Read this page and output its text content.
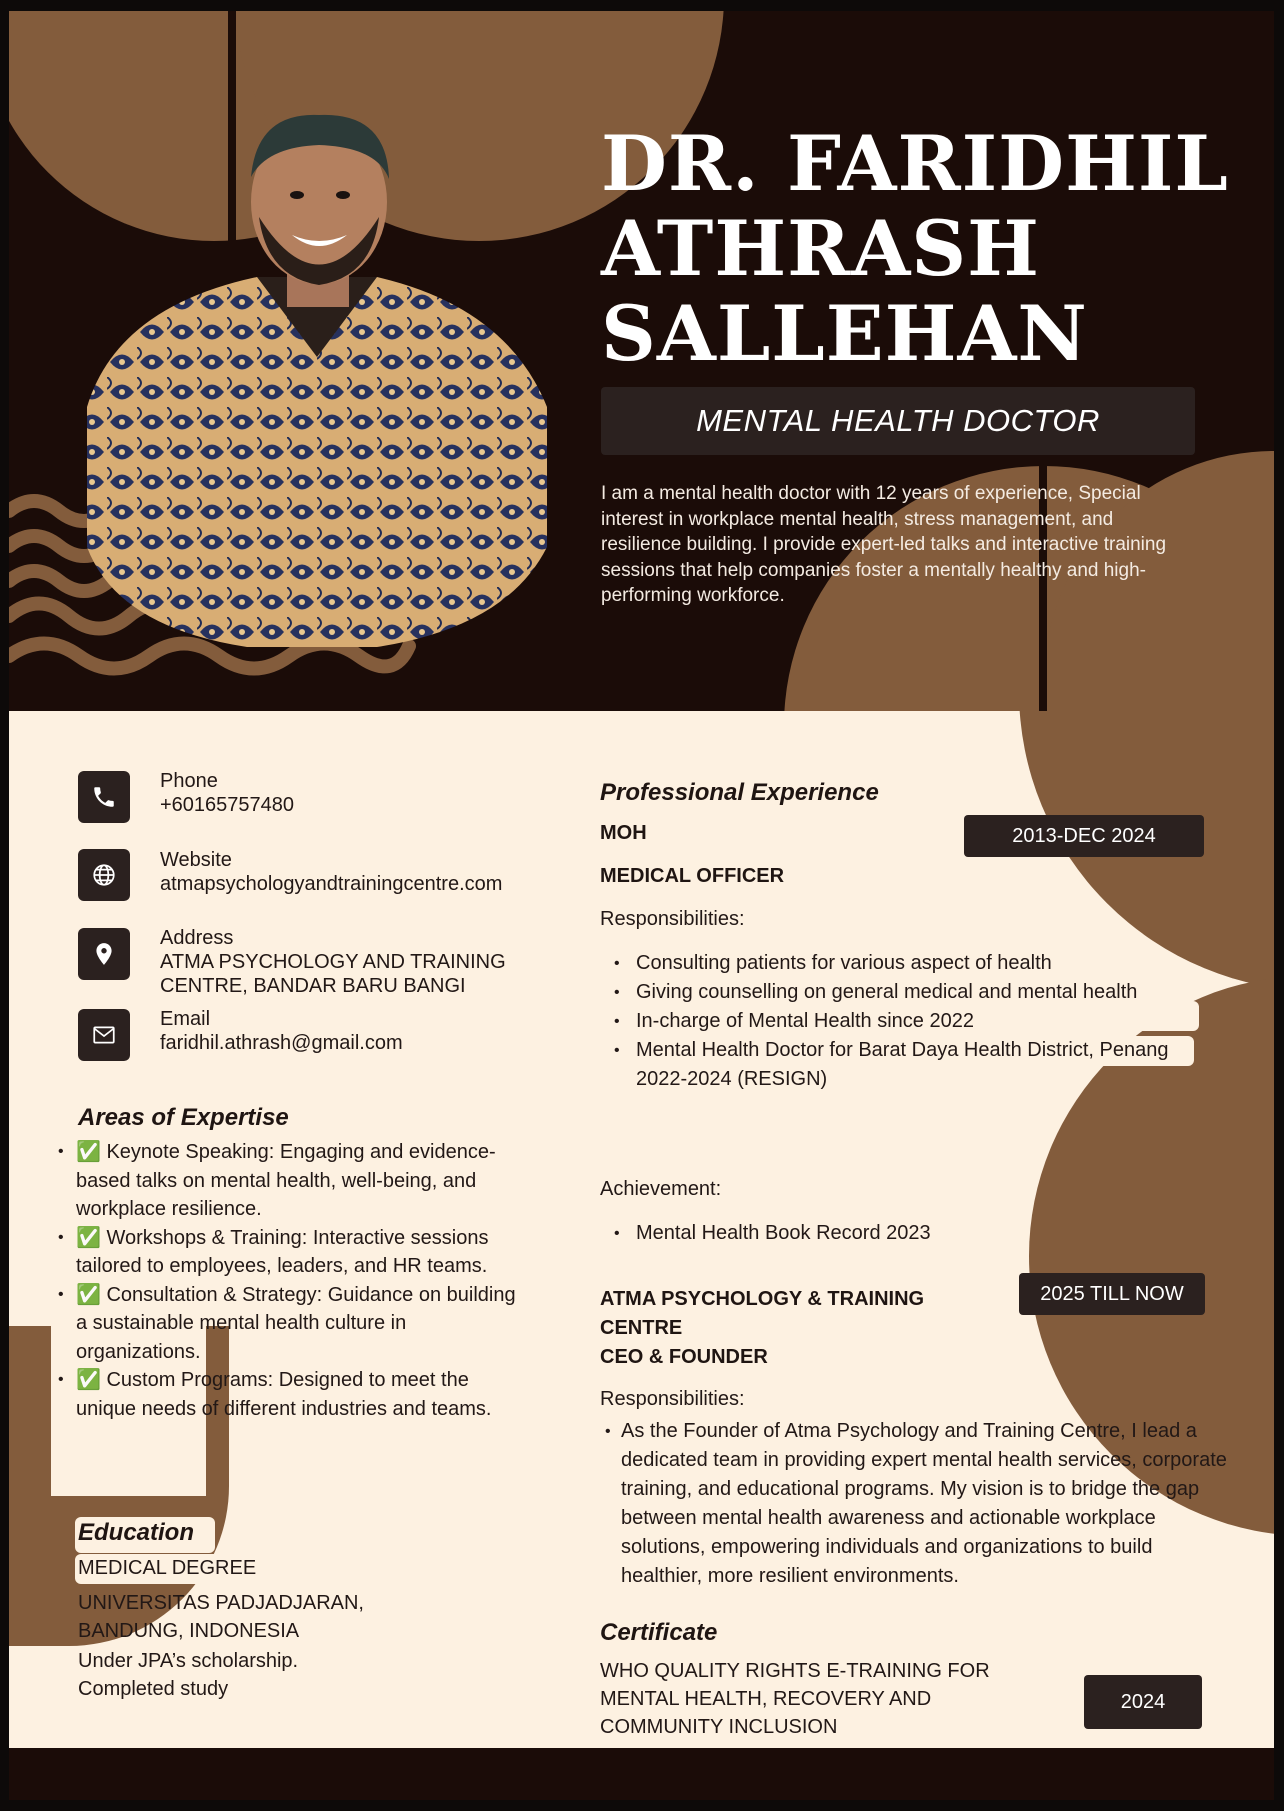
DR. FARIDHIL
ATHRASH
SALLEHAN
MENTAL HEALTH DOCTOR

I am a mental health doctor with 12 years of experience, Special interest in workplace mental health, stress management, and resilience building. I provide expert-led talks and interactive training sessions that help companies foster a mentally healthy and high-performing workforce.

Phone
+60165757480
Website
atmapsychologyandtrainingcentre.com
Address
ATMA PSYCHOLOGY AND TRAINING
CENTRE, BANDAR BARU BANGI
Email
faridhil.athrash@gmail.com
Areas of Expertise
• ✅ Keynote Speaking: Engaging and evidence-based talks on mental health, well-being, and workplace resilience.
• ✅ Workshops & Training: Interactive sessions tailored to employees, leaders, and HR teams.
• ✅ Consultation & Strategy: Guidance on building a sustainable mental health culture in organizations.
• ✅ Custom Programs: Designed to meet the unique needs of different industries and teams.
Education
MEDICAL DEGREE
UNIVERSITAS PADJADJARAN, BANDUNG, INDONESIA
Under JPA’s scholarship. Completed study
Professional Experience
MOH	2013-DEC 2024
MEDICAL OFFICER
Responsibilities:
• Consulting patients for various aspect of health
• Giving counselling on general medical and mental health
• In-charge of Mental Health since 2022
• Mental Health Doctor for Barat Daya Health District, Penang 2022-2024 (RESIGN)
Achievement:
• Mental Health Book Record 2023
ATMA PSYCHOLOGY & TRAINING CENTRE
2025 TILL NOW
CEO & FOUNDER
Responsibilities:
• As the Founder of Atma Psychology and Training Centre, I lead a dedicated team in providing expert mental health services, corporate training, and educational programs. My vision is to bridge the gap between mental health awareness and actionable workplace solutions, empowering individuals and organizations to build healthier, more resilient environments.
Certificate
WHO QUALITY RIGHTS E-TRAINING FOR MENTAL HEALTH, RECOVERY AND COMMUNITY INCLUSION
2024
